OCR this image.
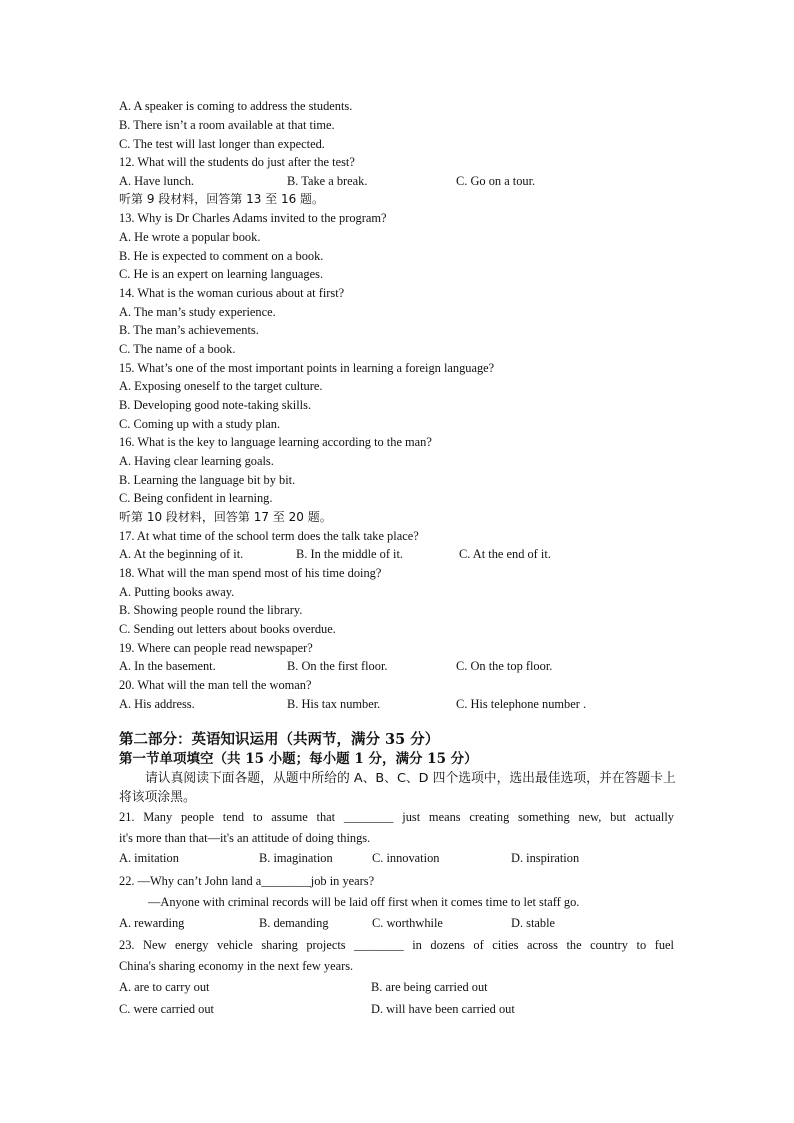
A. A speaker is coming to address the students.
B. There isn’t a room available at that time.
C. The test will last longer than expected.
12. What will the students do just after the test?
A. Have lunch.	B. Take a break.	C. Go on a tour.
听第 9 段材料，回答第 13 至 16 题。
13. Why is Dr Charles Adams invited to the program?
A. He wrote a popular book.
B. He is expected to comment on a book.
C. He is an expert on learning languages.
14. What is the woman curious about at first?
A. The man’s study experience.
B. The man’s achievements.
C. The name of a book.
15. What’s one of the most important points in learning a foreign language?
A. Exposing oneself to the target culture.
B. Developing good note-taking skills.
C. Coming up with a study plan.
16. What is the key to language learning according to the man?
A. Having clear learning goals.
B. Learning the language bit by bit.
C. Being confident in learning.
听第 10 段材料，回答第 17 至 20 题。
17. At what time of the school term does the talk take place?
A. At the beginning of it.	B. In the middle of it.	C. At the end of it.
18. What will the man spend most of his time doing?
A. Putting books away.
B. Showing people round the library.
C. Sending out letters about books overdue.
19. Where can people read newspaper?
A. In the basement.	B. On the first floor.	C. On the top floor.
20. What will the man tell the woman?
A. His address.	B. His tax number.	C. His telephone number .
第二部分：英语知识运用（共两节，满分 35 分）
第一节单项填空（共 15 小题；每小题 1 分，满分 15 分）
请认真阅读下面各题，从题中所给的 A、B、C、D 四个选项中，选出最佳选项，并在答题卡上将该项涂黑。
21. Many people tend to assume that ________ just means creating something new, but actually
it's more than that—it's an attitude of doing things.
A. imitation	B. imagination	C. innovation	D. inspiration
22. —Why can’t John land a________job in years?
—Anyone with criminal records will be laid off first when it comes time to let staff go.
A. rewarding	B. demanding	C. worthwhile	D. stable
23. New energy vehicle sharing projects ________ in dozens of cities across the country to fuel
China's sharing economy in the next few years.
A. are to carry out	B. are being carried out
C. were carried out	D. will have been carried out
